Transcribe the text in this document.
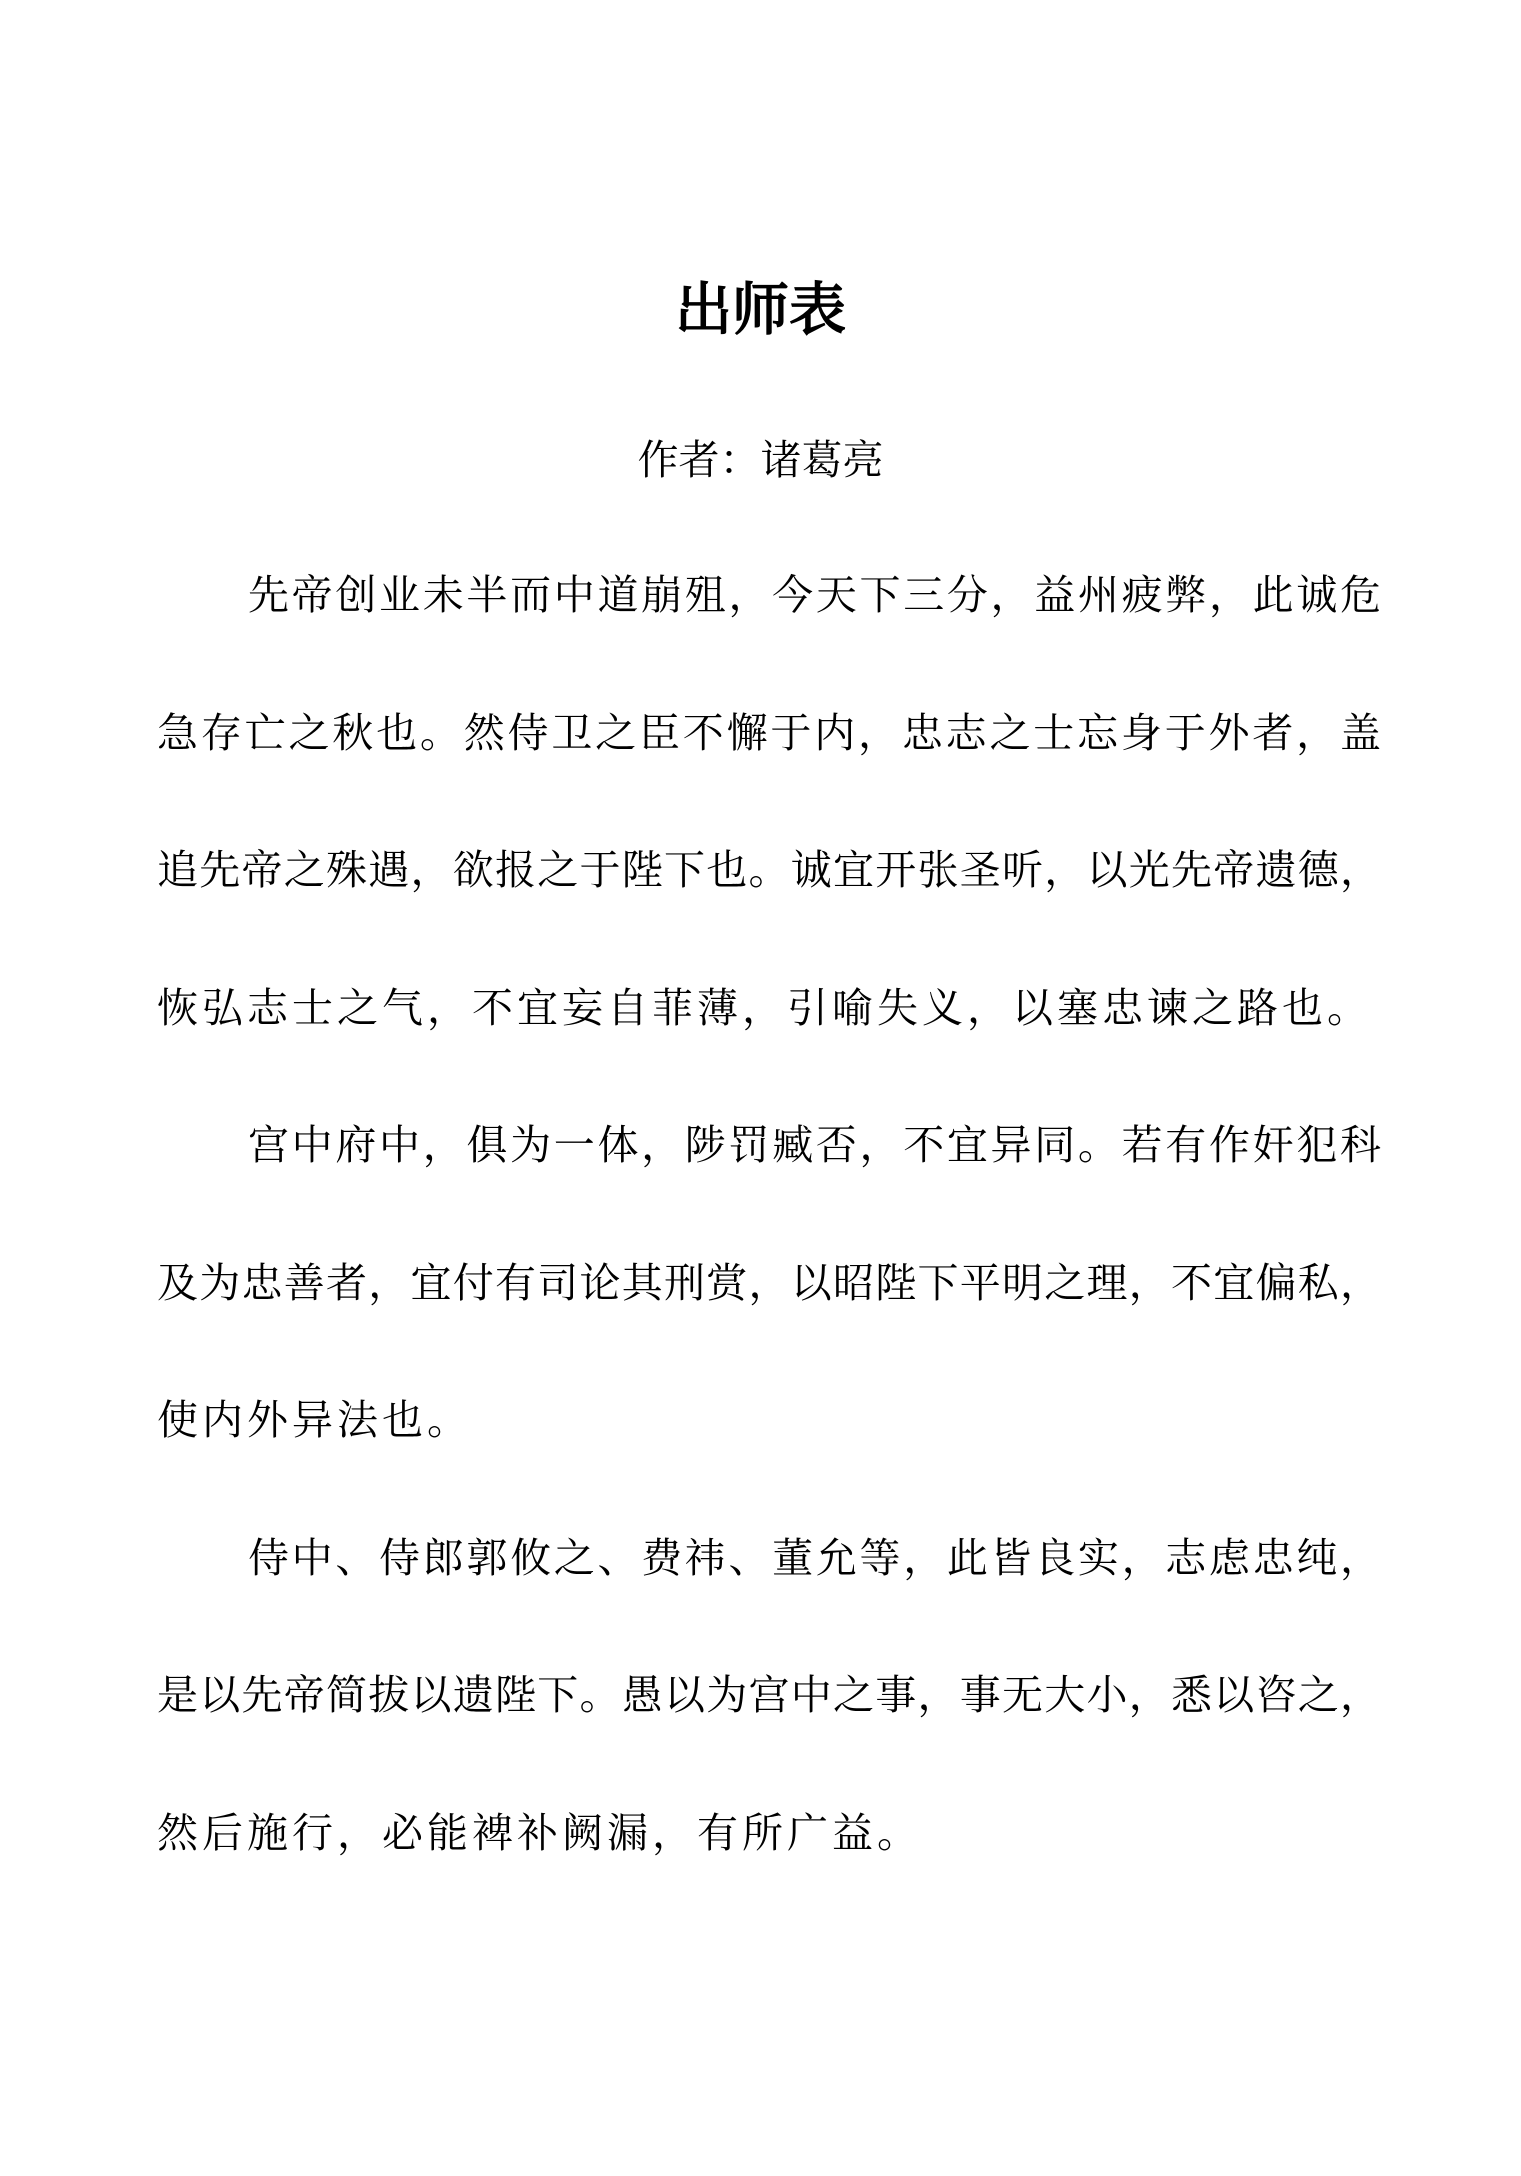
出师表
作者：诸葛亮
先帝创业未半而中道崩殂，今天下三分，益州疲弊，此诚危
急存亡之秋也。然侍卫之臣不懈于内，忠志之士忘身于外者，盖
追先帝之殊遇，欲报之于陛下也。诚宜开张圣听，以光先帝遗德，
恢弘志士之气，不宜妄自菲薄，引喻失义，以塞忠谏之路也。
宫中府中，俱为一体，陟罚臧否，不宜异同。若有作奸犯科
及为忠善者，宜付有司论其刑赏，以昭陛下平明之理，不宜偏私，
使内外异法也。
侍中、侍郎郭攸之、费祎、董允等，此皆良实，志虑忠纯，
是以先帝简拔以遗陛下。愚以为宫中之事，事无大小，悉以咨之，
然后施行，必能裨补阙漏，有所广益。
